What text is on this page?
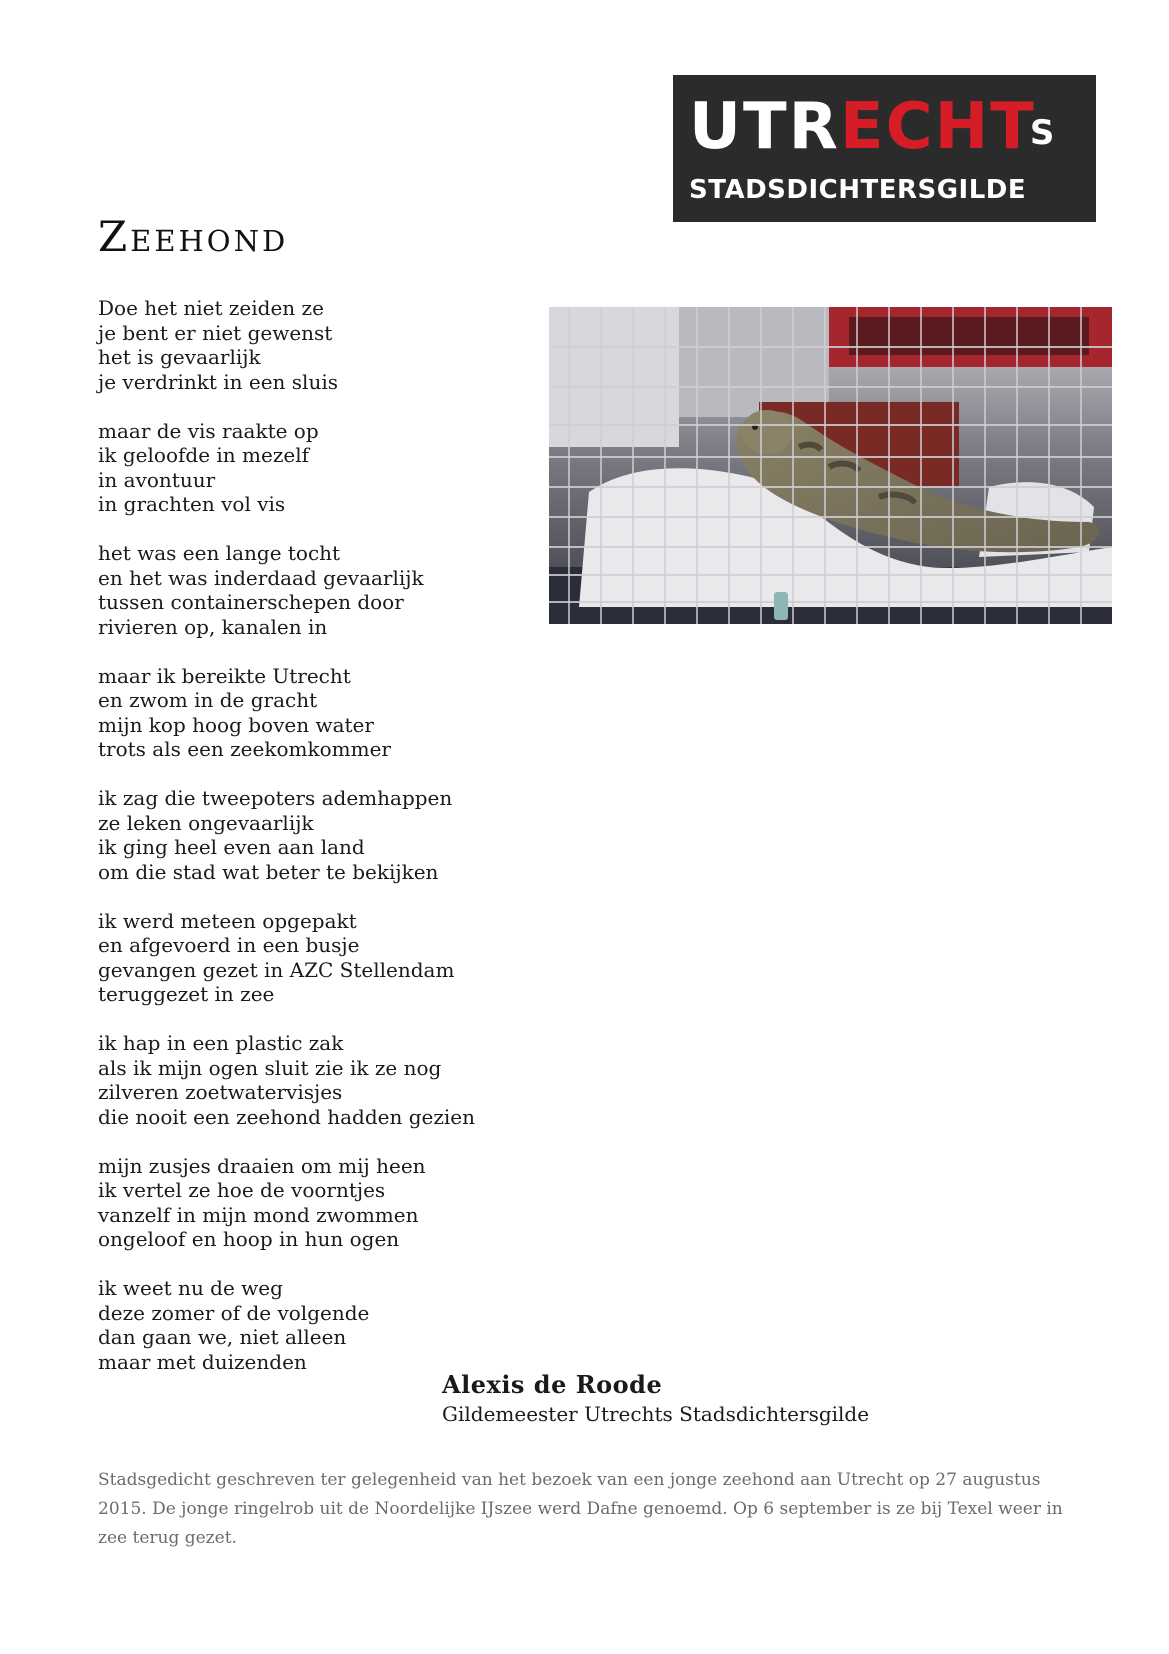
UTRECHTS
STADSDICHTERSGILDE
Zeehond
Doe het niet zeiden ze
je bent er niet gewenst
het is gevaarlijk
je verdrinkt in een sluis
maar de vis raakte op
ik geloofde in mezelf
in avontuur
in grachten vol vis
het was een lange tocht
en het was inderdaad gevaarlijk
tussen containerschepen door
rivieren op, kanalen in
maar ik bereikte Utrecht
en zwom in de gracht
mijn kop hoog boven water
trots als een zeekomkommer
ik zag die tweepoters ademhappen
ze leken ongevaarlijk
ik ging heel even aan land
om die stad wat beter te bekijken
ik werd meteen opgepakt
en afgevoerd in een busje
gevangen gezet in AZC Stellendam
teruggezet in zee
ik hap in een plastic zak
als ik mijn ogen sluit zie ik ze nog
zilveren zoetwatervisjes
die nooit een zeehond hadden gezien
mijn zusjes draaien om mij heen
ik vertel ze hoe de voorntjes
vanzelf in mijn mond zwommen
ongeloof en hoop in hun ogen
ik weet nu de weg
deze zomer of de volgende
dan gaan we, niet alleen
maar met duizenden
Alexis de Roode
Gildemeester Utrechts Stadsdichtersgilde
Stadsgedicht geschreven ter gelegenheid van het bezoek van een jonge zeehond aan Utrecht op 27 augustus 2015. De jonge ringelrob uit de Noordelijke IJszee werd Dafne genoemd. Op 6 september is ze bij Texel weer in zee terug gezet.
